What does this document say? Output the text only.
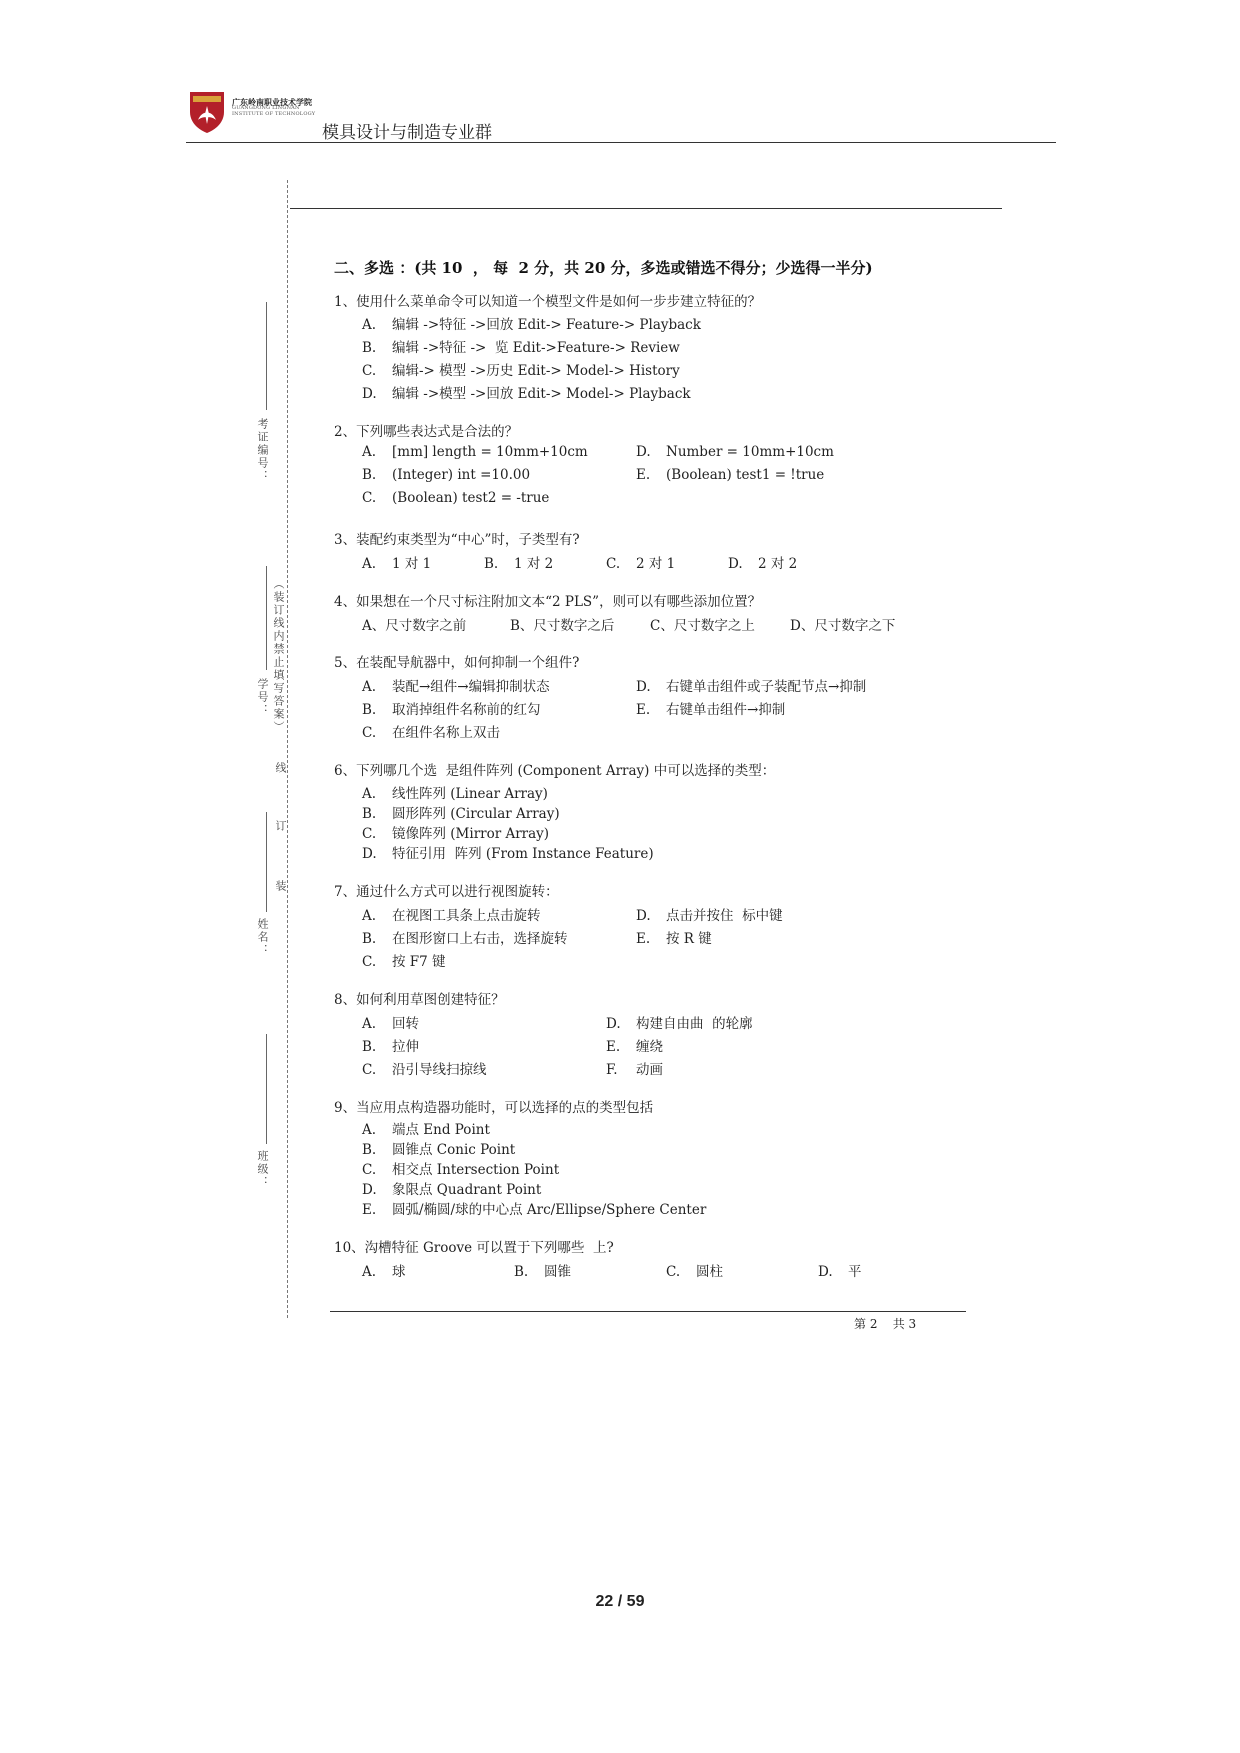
广东岭南职业技术学院
GUANGDONG LINGNAN
INSTITUTE OF TECHNOLOGY
模具设计与制造专业群
考证编号：
学号： （装订线内禁止填写答案）
线
订
装
姓名：
班级：
二、多选 ：(共 10  ， 每  2 分，共 20 分，多选或错选不得分；少选得一半分)
1、使用什么菜单命令可以知道一个模型文件是如何一步步建立特征的？
A. 编辑 ->特征 ->回放 Edit-> Feature-> Playback
B. 编辑 ->特征 ->  览 Edit->Feature-> Review
C. 编辑-> 模型 ->历史 Edit-> Model-> History
D. 编辑 ->模型 ->回放 Edit-> Model-> Playback
2、下列哪些表达式是合法的？
A. [mm] length = 10mm+10cm	D. Number = 10mm+10cm
B. (Integer) int =10.00	E. (Boolean) test1 = !true
C. (Boolean) test2 = -true
3、装配约束类型为“中心”时，子类型有?
A. 1 对 1	B. 1 对 2	C. 2 对 1	D. 2 对 2
4、如果想在一个尺寸标注附加文本“2 PLS”，则可以有哪些添加位置？
A、尺寸数字之前	B、尺寸数字之后	C、尺寸数字之上	D、尺寸数字之下
5、在装配导航器中，如何抑制一个组件?
A. 装配→组件→编辑抑制状态	D. 右键单击组件或子装配节点→抑制
B. 取消掉组件名称前的红勾	E. 右键单击组件→抑制
C. 在组件名称上双击
6、下列哪几个选  是组件阵列 (Component Array) 中可以选择的类型：
A. 线性阵列 (Linear Array)
B. 圆形阵列 (Circular Array)
C. 镜像阵列 (Mirror Array)
D. 特征引用  阵列 (From Instance Feature)
7、通过什么方式可以进行视图旋转：
A. 在视图工具条上点击旋转	D. 点击并按住  标中键
B. 在图形窗口上右击，选择旋转	E. 按 R 键
C. 按 F7 键
8、如何利用草图创建特征？
A. 回转	D. 构建自由曲  的轮廓
B. 拉伸	E. 缠绕
C. 沿引导线扫掠线	F. 动画
9、当应用点构造器功能时，可以选择的点的类型包括
A. 端点 End Point
B. 圆锥点 Conic Point
C. 相交点 Intersection Point
D. 象限点 Quadrant Point
E. 圆弧/椭圆/球的中心点 Arc/Ellipse/Sphere Center
10、沟槽特征 Groove 可以置于下列哪些  上?
A. 球	B. 圆锥	C. 圆柱	D. 平
第 2    共 3
22 / 59
